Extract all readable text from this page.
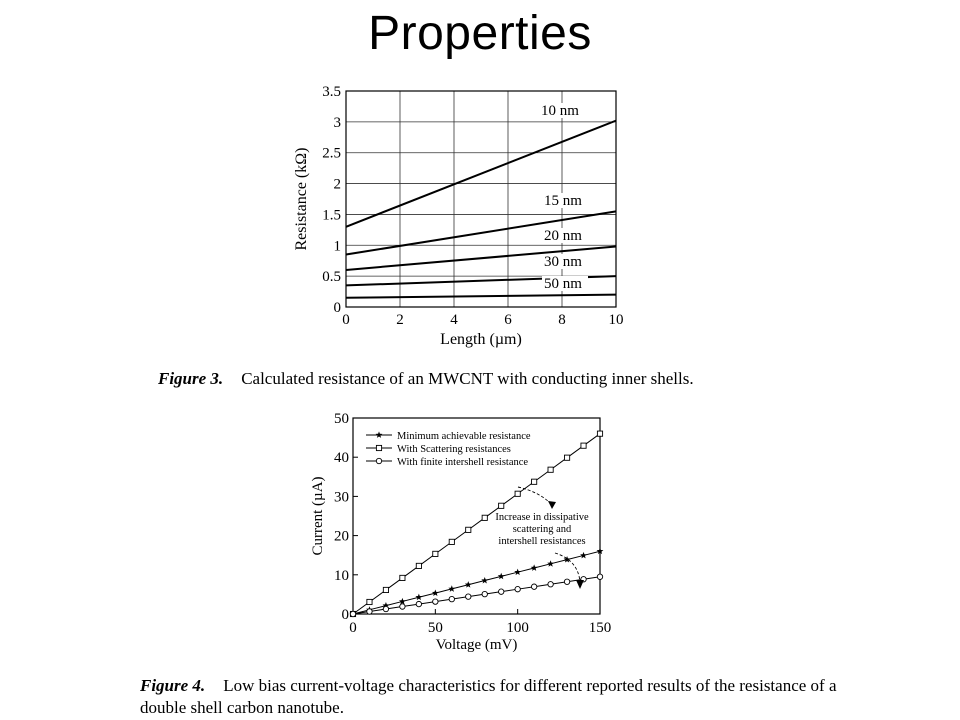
Properties
0	2	4	6	8	10
0
0.5
1
1.5
2
2.5
3
3.5
10 nm
15 nm
20 nm
30 nm
50 nm
Length (µm)
Resistance (kΩ)
0	50	100	150
0
10
20
30
40
50
Minimum achievable resistance
With Scattering resistances
With finite intershell resistance
Increase in dissipative
scattering and
intershell resistances
Voltage (mV)
Current (µA)
Figure 3. Calculated resistance of an MWCNT with conducting inner shells.
Figure 4. Low bias current-voltage characteristics for different reported results of the resistance of a double shell carbon nanotube.
